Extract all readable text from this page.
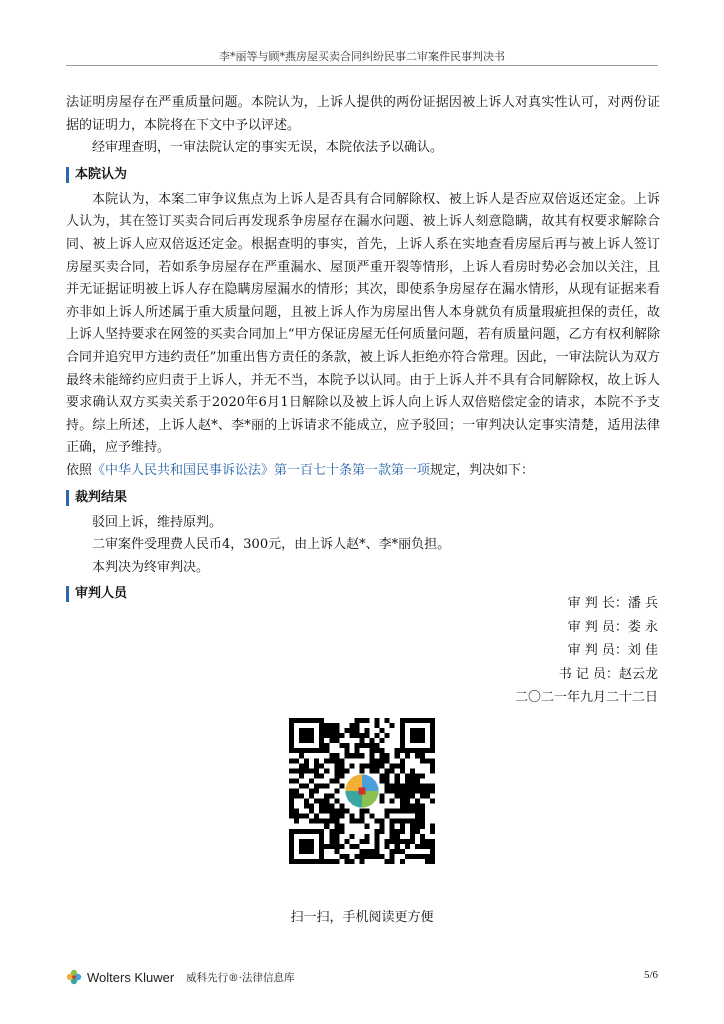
李*丽等与顾*燕房屋买卖合同纠纷民事二审案件民事判决书

法证明房屋存在严重质量问题。本院认为，上诉人提供的两份证据因被上诉人对真实性认可，对两份证据的证明力，本院将在下文中予以评述。

经审理查明，一审法院认定的事实无误，本院依法予以确认。

本院认为

本院认为，本案二审争议焦点为上诉人是否具有合同解除权、被上诉人是否应双倍返还定金。上诉人认为，其在签订买卖合同后再发现系争房屋存在漏水问题、被上诉人刻意隐瞒，故其有权要求解除合同、被上诉人应双倍返还定金。根据查明的事实，首先，上诉人系在实地查看房屋后再与被上诉人签订房屋买卖合同，若如系争房屋存在严重漏水、屋顶严重开裂等情形，上诉人看房时势必会加以关注，且并无证据证明被上诉人存在隐瞒房屋漏水的情形；其次，即使系争房屋存在漏水情形，从现有证据来看亦非如上诉人所述属于重大质量问题，且被上诉人作为房屋出售人本身就负有质量瑕疵担保的责任，故上诉人坚持要求在网签的买卖合同加上“甲方保证房屋无任何质量问题，若有质量问题，乙方有权利解除合同并追究甲方违约责任”加重出售方责任的条款，被上诉人拒绝亦符合常理。因此，一审法院认为双方最终未能缔约应归责于上诉人，并无不当，本院予以认同。由于上诉人并不具有合同解除权，故上诉人要求确认双方买卖关系于2020年6月1日解除以及被上诉人向上诉人双倍赔偿定金的请求，本院不予支持。综上所述，上诉人赵*、李*丽的上诉请求不能成立，应予驳回；一审判决认定事实清楚，适用法律正确，应予维持。

依照《中华人民共和国民事诉讼法》第一百七十条第一款第一项规定，判决如下：

裁判结果

驳回上诉，维持原判。

二审案件受理费人民币4，300元，由上诉人赵*、李*丽负担。

本判决为终审判决。

审判人员
审 判 长：潘 兵
审 判 员：娄 永
审 判 员：刘 佳
书 记 员：赵云龙
二〇二一年九月二十二日
扫一扫，手机阅读更方便
Wolters Kluwer 威科先行®·法律信息库	5/6
